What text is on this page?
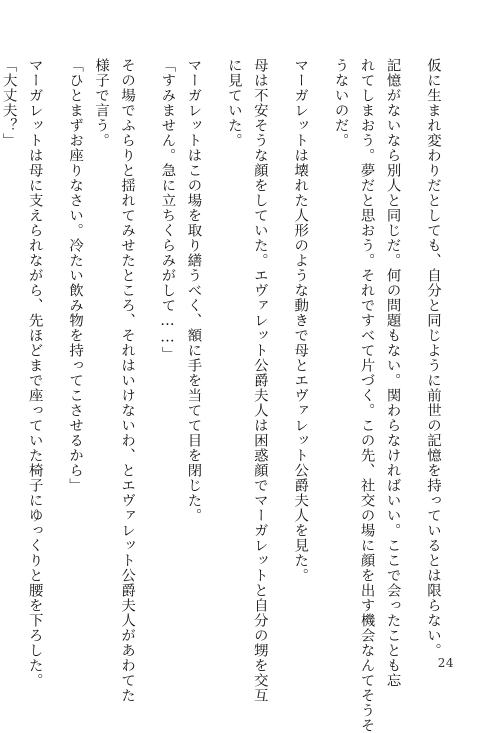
仮に生まれ変わりだとしても、自分と同じように前世の記憶を持っているとは限らない。
記憶がないなら別人と同じだ。何の問題もない。関わらなければいい。ここで会ったことも忘
れてしまおう。夢だと思おう。それですべて片づく。この先、社交の場に顔を出す機会なんてそうそ
うないのだ。
マーガレットは壊れた人形のような動きで母とエヴァレット公爵夫人を見た。
母は不安そうな顔をしていた。エヴァレット公爵夫人は困惑顔でマーガレットと自分の甥を交互
に見ていた。
マーガレットはこの場を取り繕うべく、額に手を当てて目を閉じた。
「すみません。急に立ちくらみがして……」
その場でふらりと揺れてみせたところ、それはいけないわ、とエヴァレット公爵夫人があわてた
様子で言う。
「ひとまずお座りなさい。冷たい飲み物を持ってこさせるから」
マーガレットは母に支えられながら、先ほどまで座っていた椅子にゆっくりと腰を下ろした。
「大丈夫？」
24
